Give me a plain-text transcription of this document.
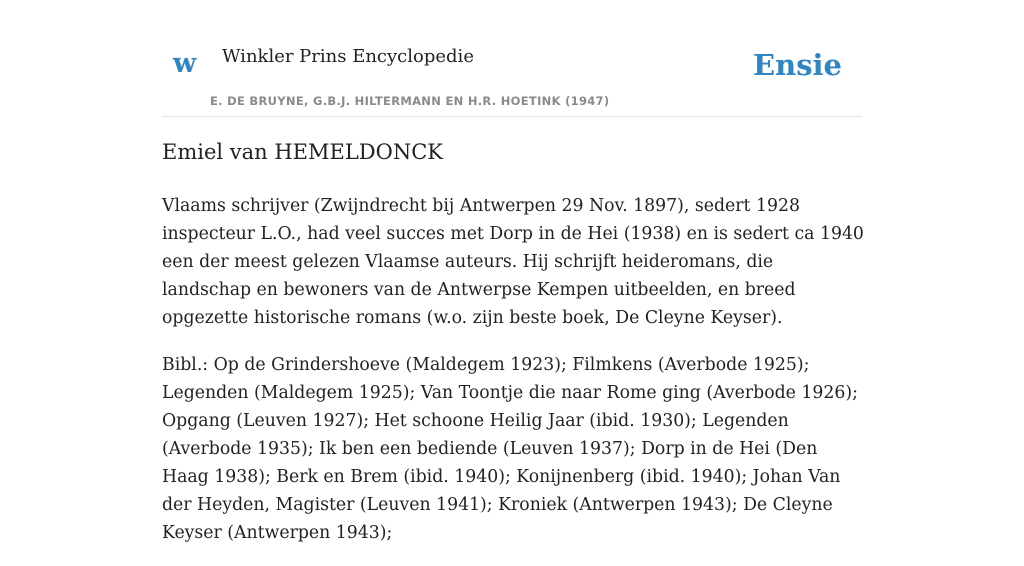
w Winkler Prins Encyclopedie
E. DE BRUYNE, G.B.J. HILTERMANN EN H.R. HOETINK (1947)
Ensie
Emiel van HEMELDONCK

Vlaams schrijver (Zwijndrecht bij Antwerpen 29 Nov. 1897), sedert 1928 inspecteur L.O., had veel succes met Dorp in de Hei (1938) en is sedert ca 1940 een der meest gelezen Vlaamse auteurs. Hij schrijft heideromans, die landschap en bewoners van de Antwerpse Kempen uitbeelden, en breed opgezette historische romans (w.o. zijn beste boek, De Cleyne Keyser).

Bibl.: Op de Grindershoeve (Maldegem 1923); Filmkens (Averbode 1925); Legenden (Maldegem 1925); Van Toontje die naar Rome ging (Averbode 1926); Opgang (Leuven 1927); Het schoone Heilig Jaar (ibid. 1930); Legenden (Averbode 1935); Ik ben een bediende (Leuven 1937); Dorp in de Hei (Den Haag 1938); Berk en Brem (ibid. 1940); Konijnenberg (ibid. 1940); Johan Van der Heyden, Magister (Leuven 1941); Kroniek (Antwerpen 1943); De Cleyne Keyser (Antwerpen 1943);
